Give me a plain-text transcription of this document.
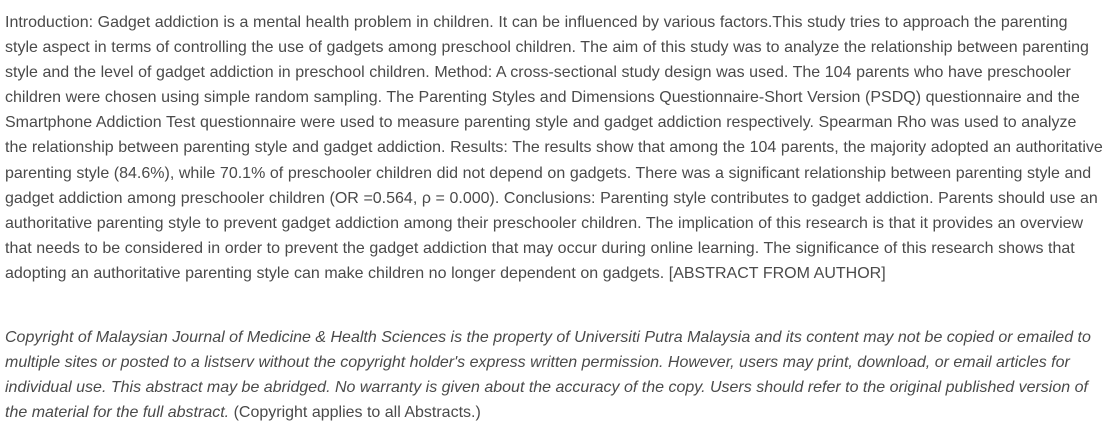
Introduction: Gadget addiction is a mental health problem in children. It can be influenced by various factors.This study tries to approach the parenting style aspect in terms of controlling the use of gadgets among preschool children. The aim of this study was to analyze the relationship between parenting style and the level of gadget addiction in preschool children. Method: A cross-sectional study design was used. The 104 parents who have preschooler children were chosen using simple random sampling. The Parenting Styles and Dimensions Questionnaire-Short Version (PSDQ) questionnaire and the Smartphone Addiction Test questionnaire were used to measure parenting style and gadget addiction respectively. Spearman Rho was used to analyze the relationship between parenting style and gadget addiction. Results: The results show that among the 104 parents, the majority adopted an authoritative parenting style (84.6%), while 70.1% of preschooler children did not depend on gadgets. There was a significant relationship between parenting style and gadget addiction among preschooler children (OR =0.564, ρ = 0.000). Conclusions: Parenting style contributes to gadget addiction. Parents should use an authoritative parenting style to prevent gadget addiction among their preschooler children. The implication of this research is that it provides an overview that needs to be considered in order to prevent the gadget addiction that may occur during online learning. The significance of this research shows that adopting an authoritative parenting style can make children no longer dependent on gadgets. [ABSTRACT FROM AUTHOR]

Copyright of Malaysian Journal of Medicine & Health Sciences is the property of Universiti Putra Malaysia and its content may not be copied or emailed to multiple sites or posted to a listserv without the copyright holder's express written permission. However, users may print, download, or email articles for individual use. This abstract may be abridged. No warranty is given about the accuracy of the copy. Users should refer to the original published version of the material for the full abstract. (Copyright applies to all Abstracts.)
